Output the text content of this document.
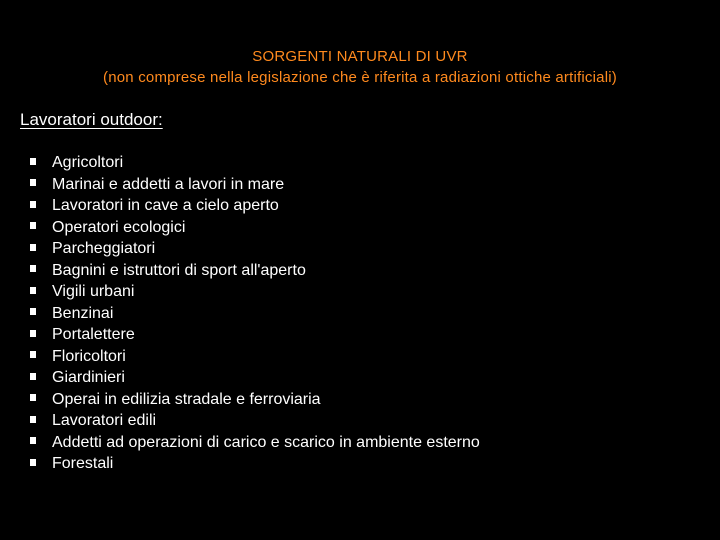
SORGENTI NATURALI DI UVR
(non comprese nella legislazione che è riferita a radiazioni ottiche artificiali)
Lavoratori outdoor:
Agricoltori
Marinai e addetti a lavori in mare
Lavoratori in cave a cielo aperto
Operatori ecologici
Parcheggiatori
Bagnini e istruttori di sport all'aperto
Vigili urbani
Benzinai
Portalettere
Floricoltori
Giardinieri
Operai in edilizia stradale e ferroviaria
Lavoratori edili
Addetti ad operazioni di carico e scarico in ambiente esterno
Forestali
